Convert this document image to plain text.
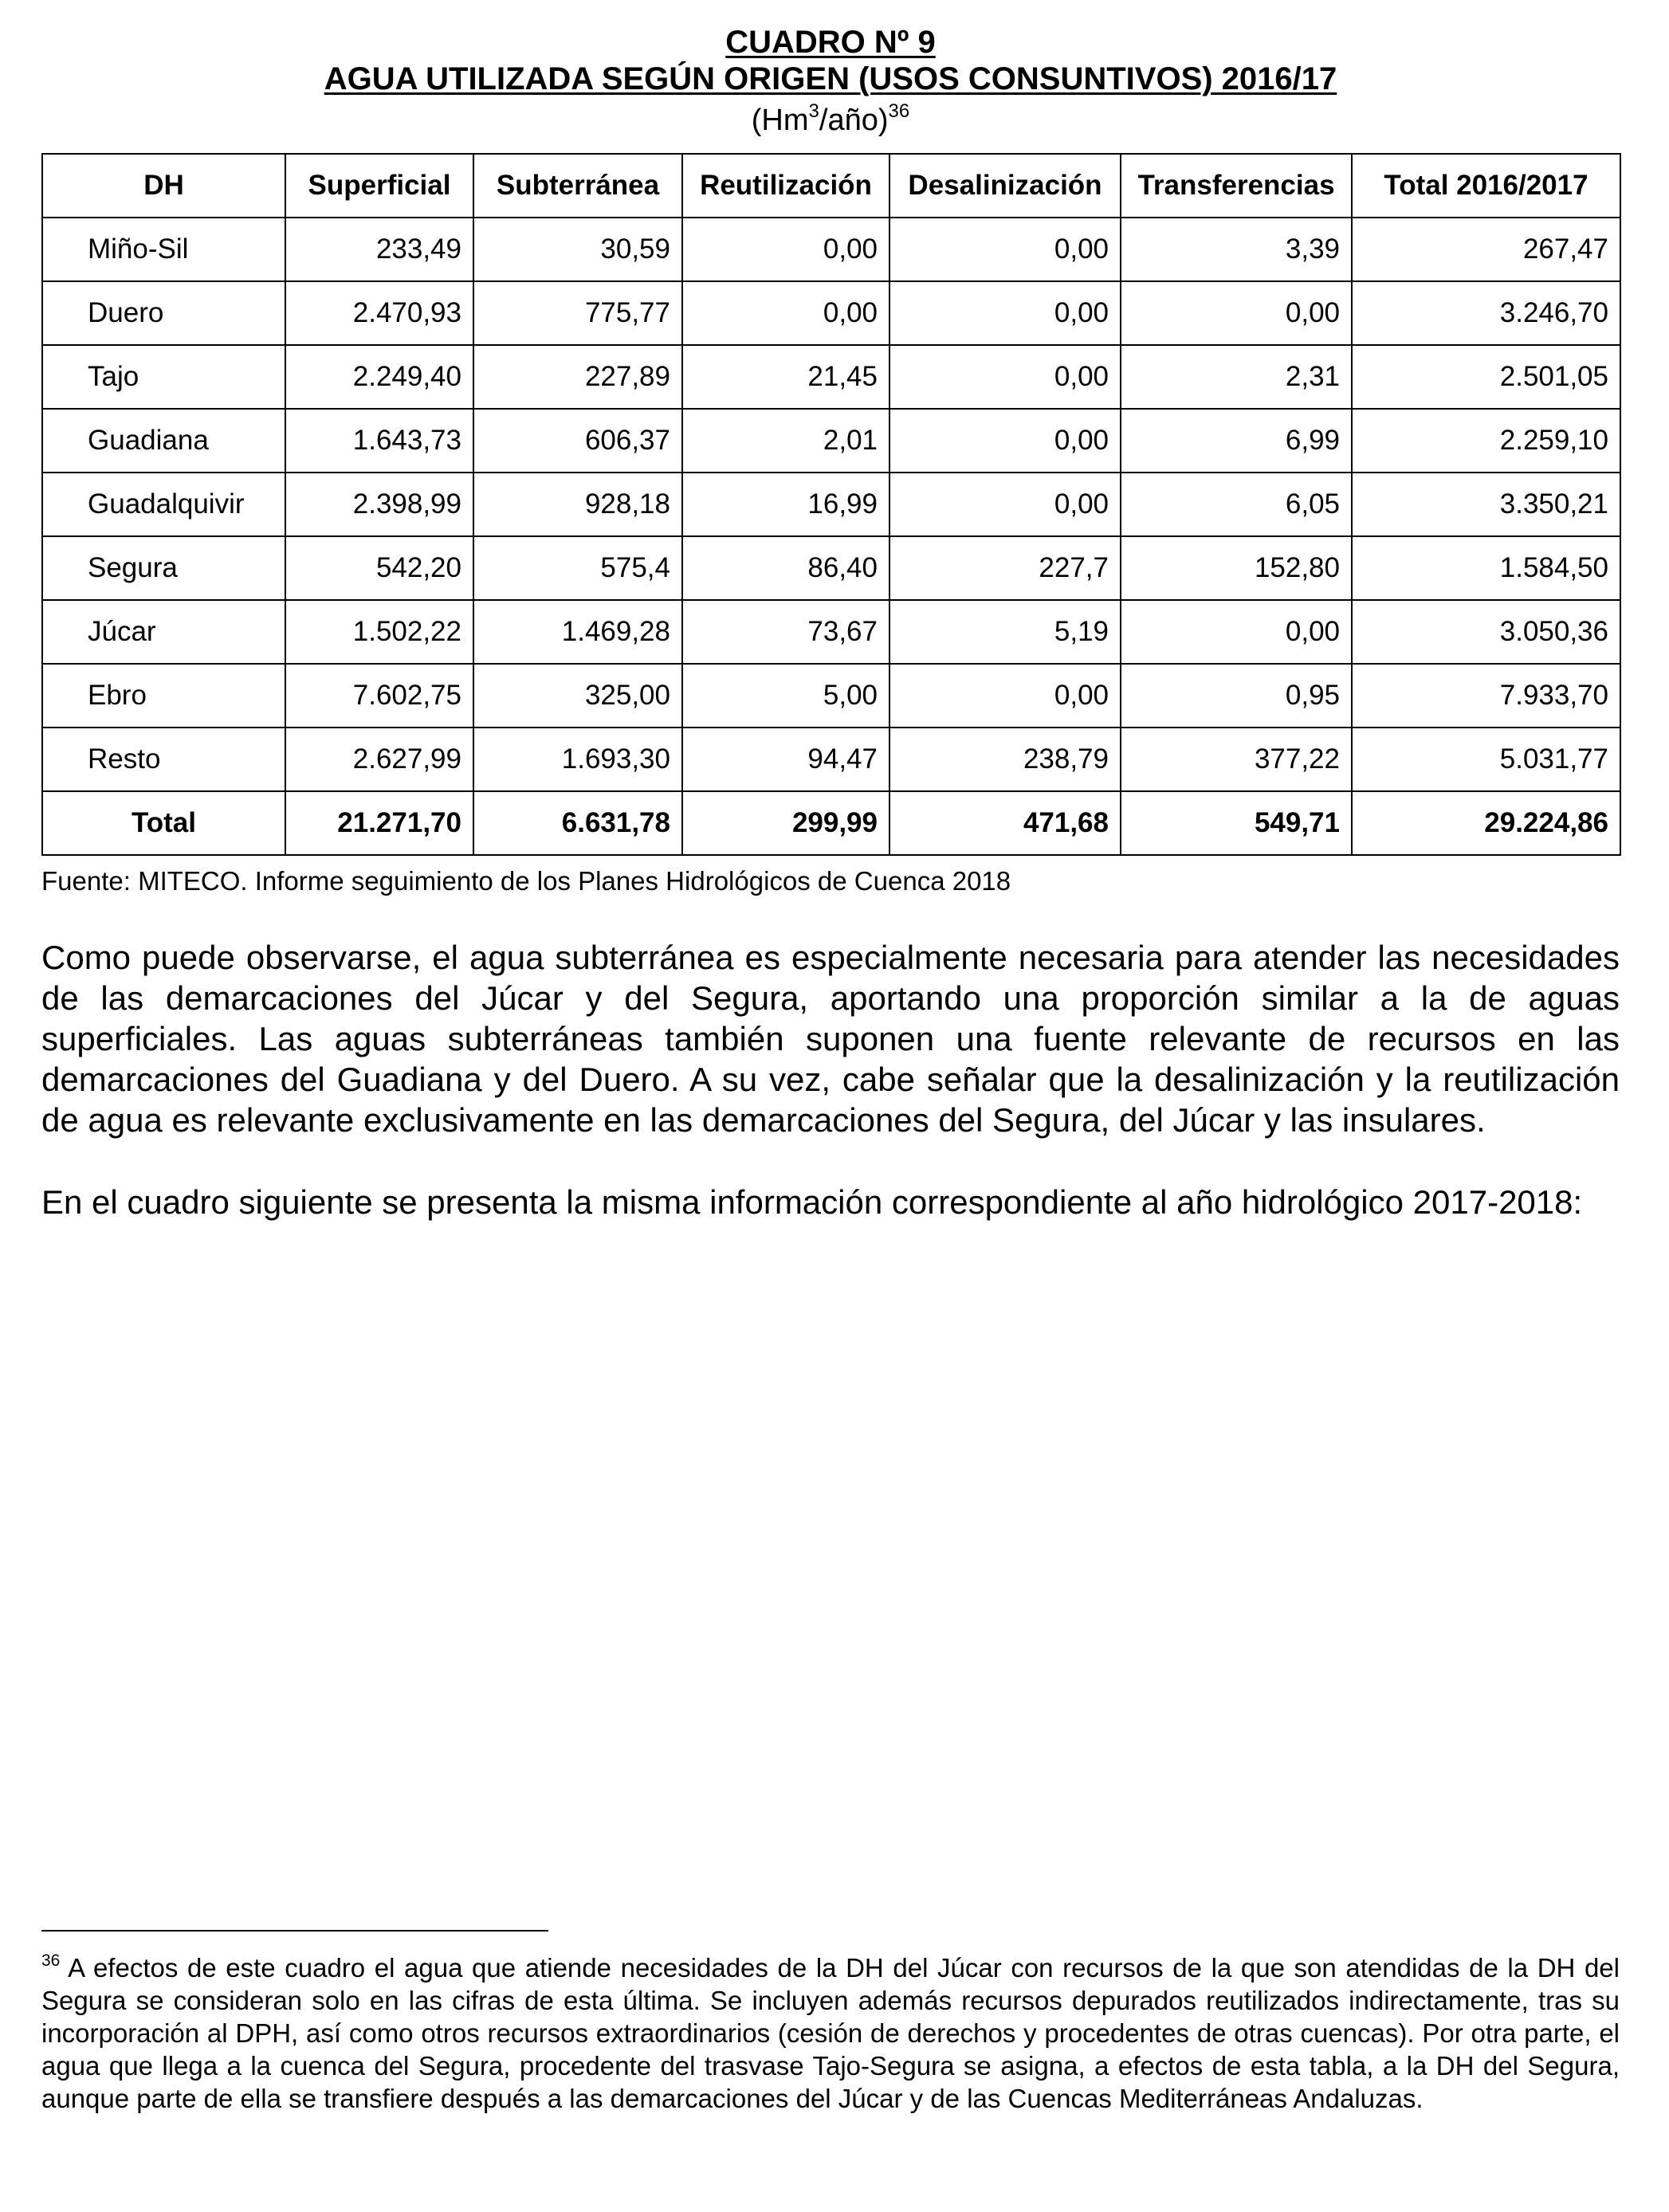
CUADRO Nº 9
AGUA UTILIZADA SEGÚN ORIGEN (USOS CONSUNTIVOS) 2016/17
(Hm$^3$/año)$^{36}$
DH	Superficial	Subterránea	Reutilización	Desalinización	Transferencias	Total 2016/2017
Miño-Sil	233,49	30,59	0,00	0,00	3,39	267,47
Duero	2.470,93	775,77	0,00	0,00	0,00	3.246,70
Tajo	2.249,40	227,89	21,45	0,00	2,31	2.501,05
Guadiana	1.643,73	606,37	2,01	0,00	6,99	2.259,10
Guadalquivir	2.398,99	928,18	16,99	0,00	6,05	3.350,21
Segura	542,20	575,4	86,40	227,7	152,80	1.584,50
Júcar	1.502,22	1.469,28	73,67	5,19	0,00	3.050,36
Ebro	7.602,75	325,00	5,00	0,00	0,95	7.933,70
Resto	2.627,99	1.693,30	94,47	238,79	377,22	5.031,77
Total	21.271,70	6.631,78	299,99	471,68	549,71	29.224,86
Fuente: MITECO. Informe seguimiento de los Planes Hidrológicos de Cuenca 2018

Como puede observarse, el agua subterránea es especialmente necesaria para atender las necesidades de las demarcaciones del Júcar y del Segura, aportando una proporción similar a la de aguas superficiales. Las aguas subterráneas también suponen una fuente relevante de recursos en las demarcaciones del Guadiana y del Duero. A su vez, cabe señalar que la desalinización y la reutilización de agua es relevante exclusivamente en las demarcaciones del Segura, del Júcar y las insulares.

En el cuadro siguiente se presenta la misma información correspondiente al año hidrológico 2017-2018:

$^{36}$ A efectos de este cuadro el agua que atiende necesidades de la DH del Júcar con recursos de la que son atendidas de la DH del Segura se consideran solo en las cifras de esta última. Se incluyen además recursos depurados reutilizados indirectamente, tras su incorporación al DPH, así como otros recursos extraordinarios (cesión de derechos y procedentes de otras cuencas). Por otra parte, el agua que llega a la cuenca del Segura, procedente del trasvase Tajo-Segura se asigna, a efectos de esta tabla, a la DH del Segura, aunque parte de ella se transfiere después a las demarcaciones del Júcar y de las Cuencas Mediterráneas Andaluzas.
